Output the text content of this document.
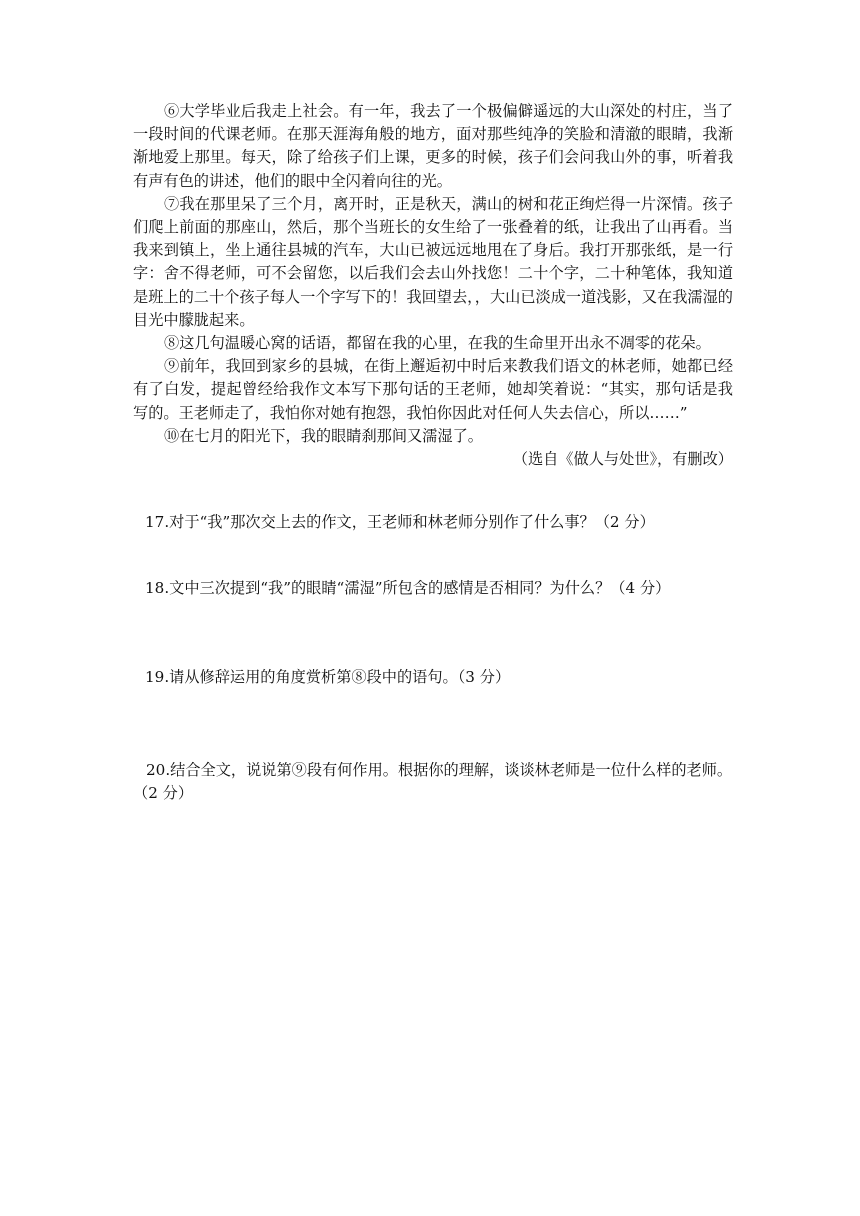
⑥大学毕业后我走上社会。有一年，我去了一个极偏僻遥远的大山深处的村庄，当了一段时间的代课老师。在那天涯海角般的地方，面对那些纯净的笑脸和清澈的眼睛，我渐渐地爱上那里。每天，除了给孩子们上课，更多的时候，孩子们会问我山外的事，听着我有声有色的讲述，他们的眼中全闪着向往的光。

⑦我在那里呆了三个月，离开时，正是秋天，满山的树和花正绚烂得一片深情。孩子们爬上前面的那座山，然后，那个当班长的女生给了一张叠着的纸，让我出了山再看。当我来到镇上，坐上通往县城的汽车，大山已被远远地甩在了身后。我打开那张纸，是一行字：舍不得老师，可不会留您，以后我们会去山外找您！二十个字，二十种笔体，我知道是班上的二十个孩子每人一个字写下的！我回望去，，大山已淡成一道浅影，又在我濡湿的目光中朦胧起来。

⑧这几句温暖心窝的话语，都留在我的心里，在我的生命里开出永不凋零的花朵。

⑨前年，我回到家乡的县城，在街上邂逅初中时后来教我们语文的林老师，她都已经有了白发，提起曾经给我作文本写下那句话的王老师，她却笑着说：“其实，那句话是我写的。王老师走了，我怕你对她有抱怨，我怕你因此对任何人失去信心，所以……”

⑩在七月的阳光下，我的眼睛刹那间又濡湿了。

（选自《做人与处世》，有删改）

17.对于“我”那次交上去的作文，王老师和林老师分别作了什么事？（2 分）

18.文中三次提到“我”的眼睛“濡湿”所包含的感情是否相同？为什么？（4 分）

19.请从修辞运用的角度赏析第⑧段中的语句。（3 分）

20.结合全文，说说第⑨段有何作用。根据你的理解，谈谈林老师是一位什么样的老师。（2 分）
